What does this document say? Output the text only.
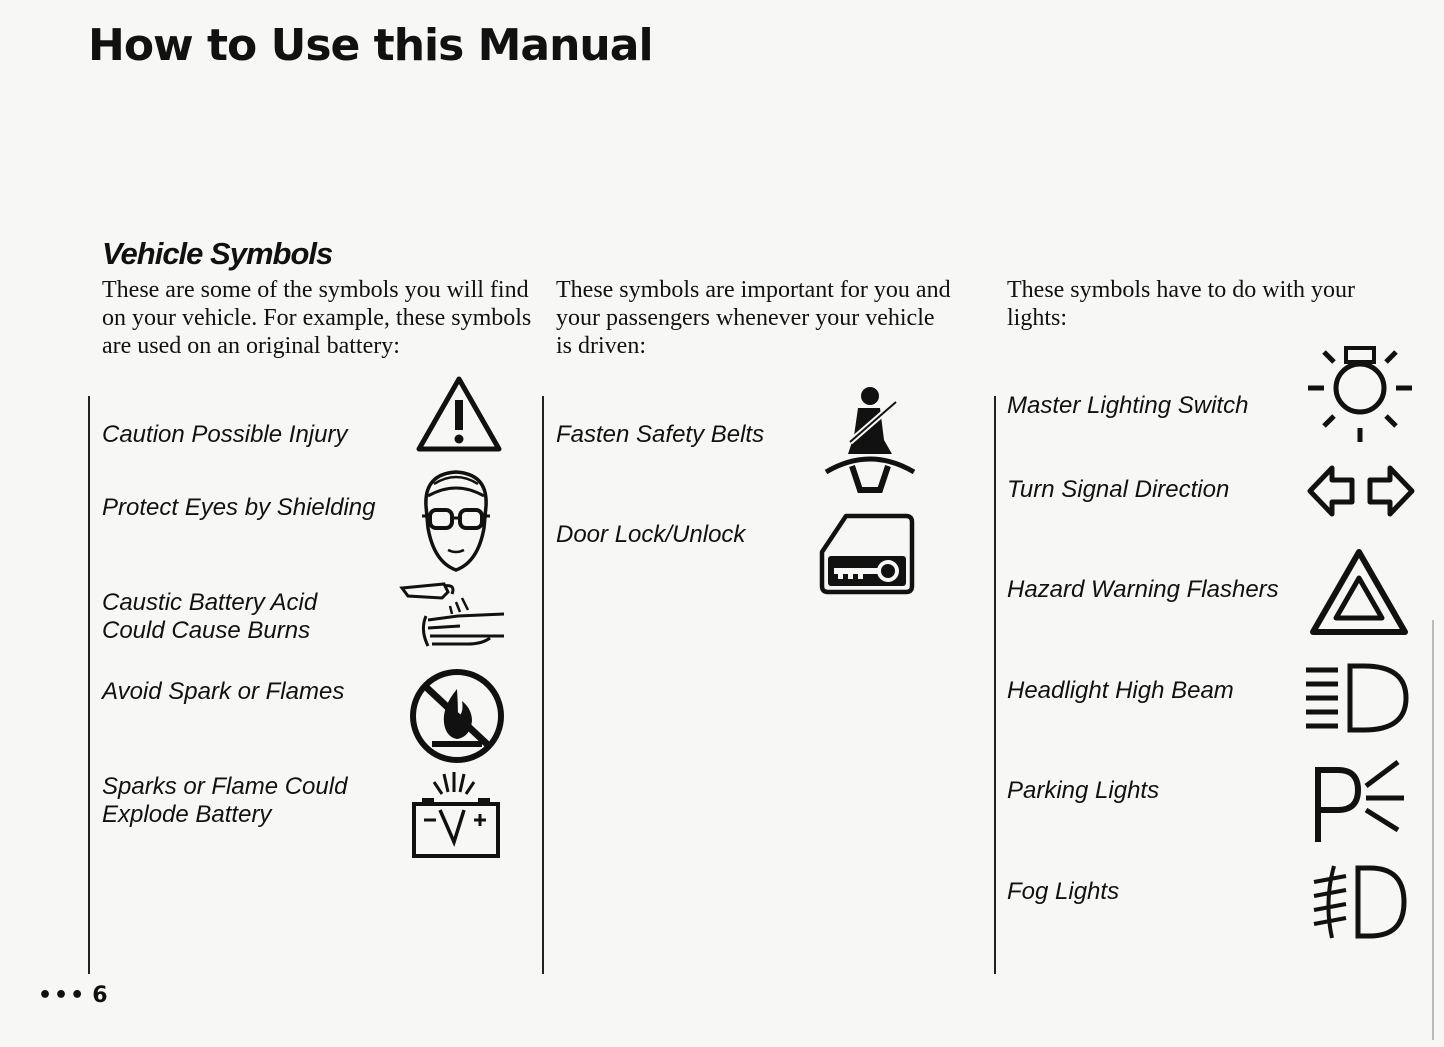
How to Use this Manual
Vehicle Symbols

These are some of the symbols you will find on your vehicle. For example, these symbols are used on an original battery:

These symbols are important for you and your passengers whenever your vehicle is driven:

These symbols have to do with your lights:

Caution Possible Injury
Protect Eyes by Shielding
Caustic Battery Acid
Could Cause Burns
Avoid Spark or Flames
Sparks or Flame Could
Explode Battery
Fasten Safety Belts
Door Lock/Unlock
Master Lighting Switch
Turn Signal Direction
Hazard Warning Flashers
Headlight High Beam
Parking Lights
Fog Lights
••• 6
